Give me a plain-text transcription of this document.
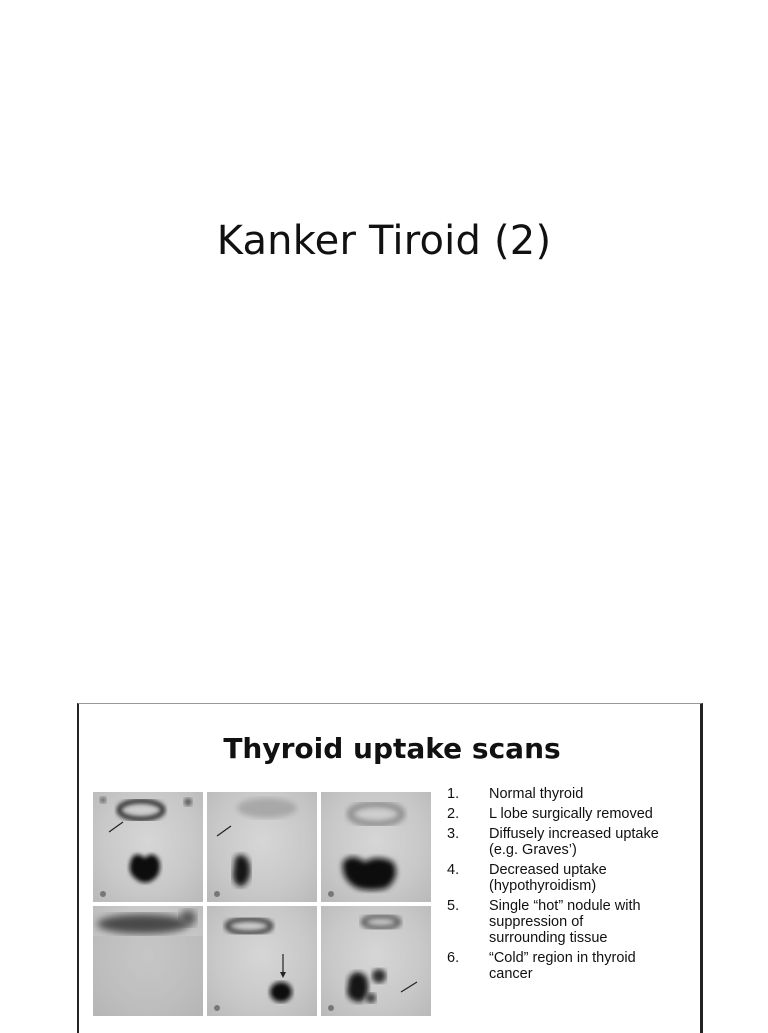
Kanker Tiroid (2)
Thyroid uptake scans
1.	Normal thyroid
2.	L lobe surgically removed
3.	Diffusely increased uptake (e.g. Graves’)
4.	Decreased uptake (hypothyroidism)
5.	Single “hot” nodule with suppression of surrounding tissue
6.	“Cold” region in thyroid cancer
